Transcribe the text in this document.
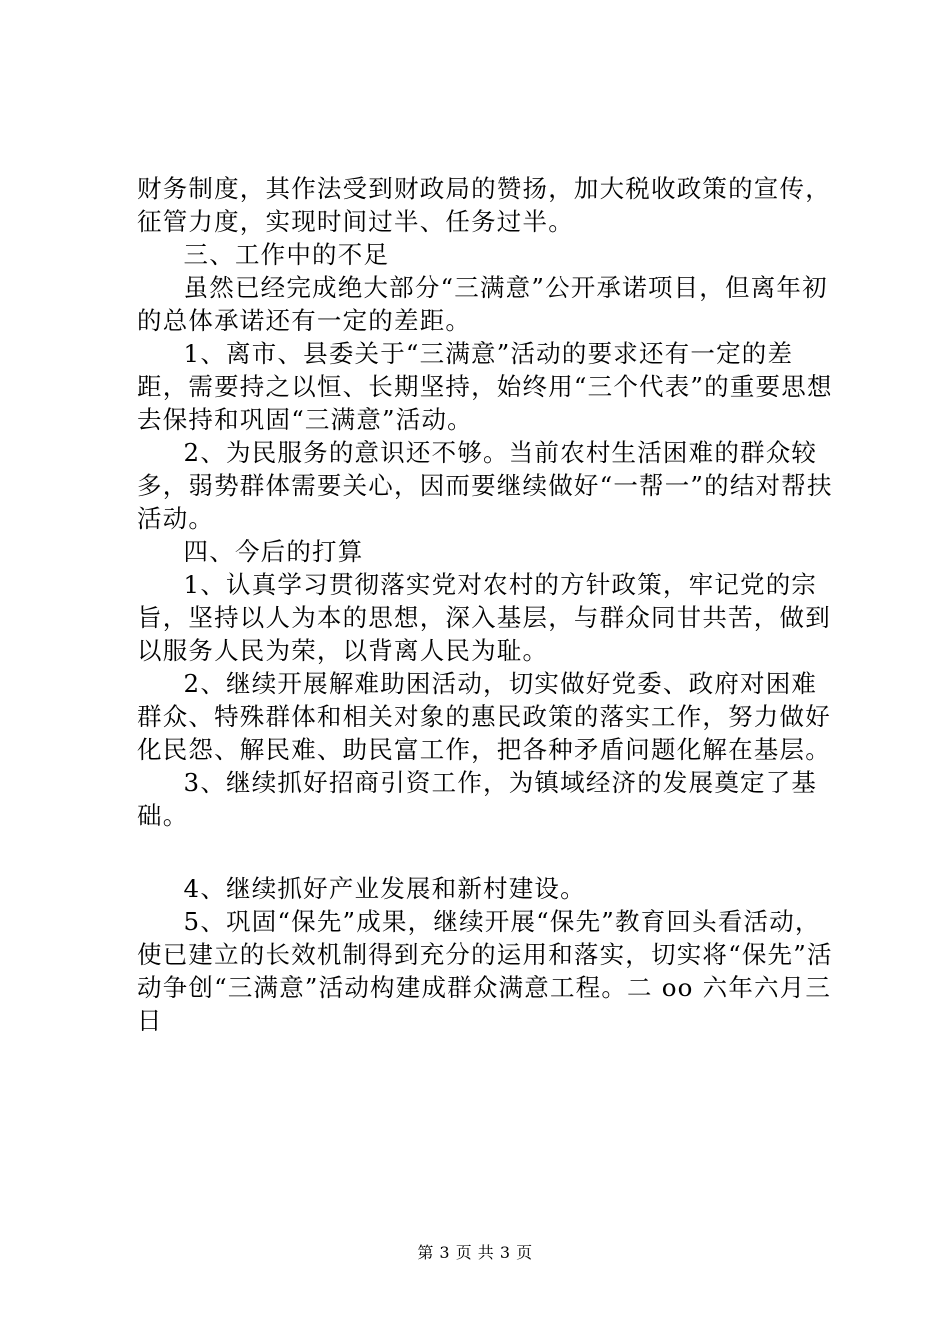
财务制度，其作法受到财政局的赞扬，加大税收政策的宣传，征管力度，实现时间过半、任务过半。

三、工作中的不足

虽然已经完成绝大部分“三满意”公开承诺项目，但离年初的总体承诺还有一定的差距。

1、离市、县委关于“三满意”活动的要求还有一定的差距，需要持之以恒、长期坚持，始终用“三个代表”的重要思想去保持和巩固“三满意”活动。

2、为民服务的意识还不够。当前农村生活困难的群众较多，弱势群体需要关心，因而要继续做好“一帮一”的结对帮扶活动。

四、今后的打算

1、认真学习贯彻落实党对农村的方针政策，牢记党的宗旨，坚持以人为本的思想，深入基层，与群众同甘共苦，做到以服务人民为荣，以背离人民为耻。

2、继续开展解难助困活动，切实做好党委、政府对困难群众、特殊群体和相关对象的惠民政策的落实工作，努力做好化民怨、解民难、助民富工作，把各种矛盾问题化解在基层。

3、继续抓好招商引资工作，为镇域经济的发展奠定了基础。

4、继续抓好产业发展和新村建设。

5、巩固“保先”成果，继续开展“保先”教育回头看活动，使已建立的长效机制得到充分的运用和落实，切实将“保先”活动争创“三满意”活动构建成群众满意工程。二 oo 六年六月三日

第 3 页 共 3 页
